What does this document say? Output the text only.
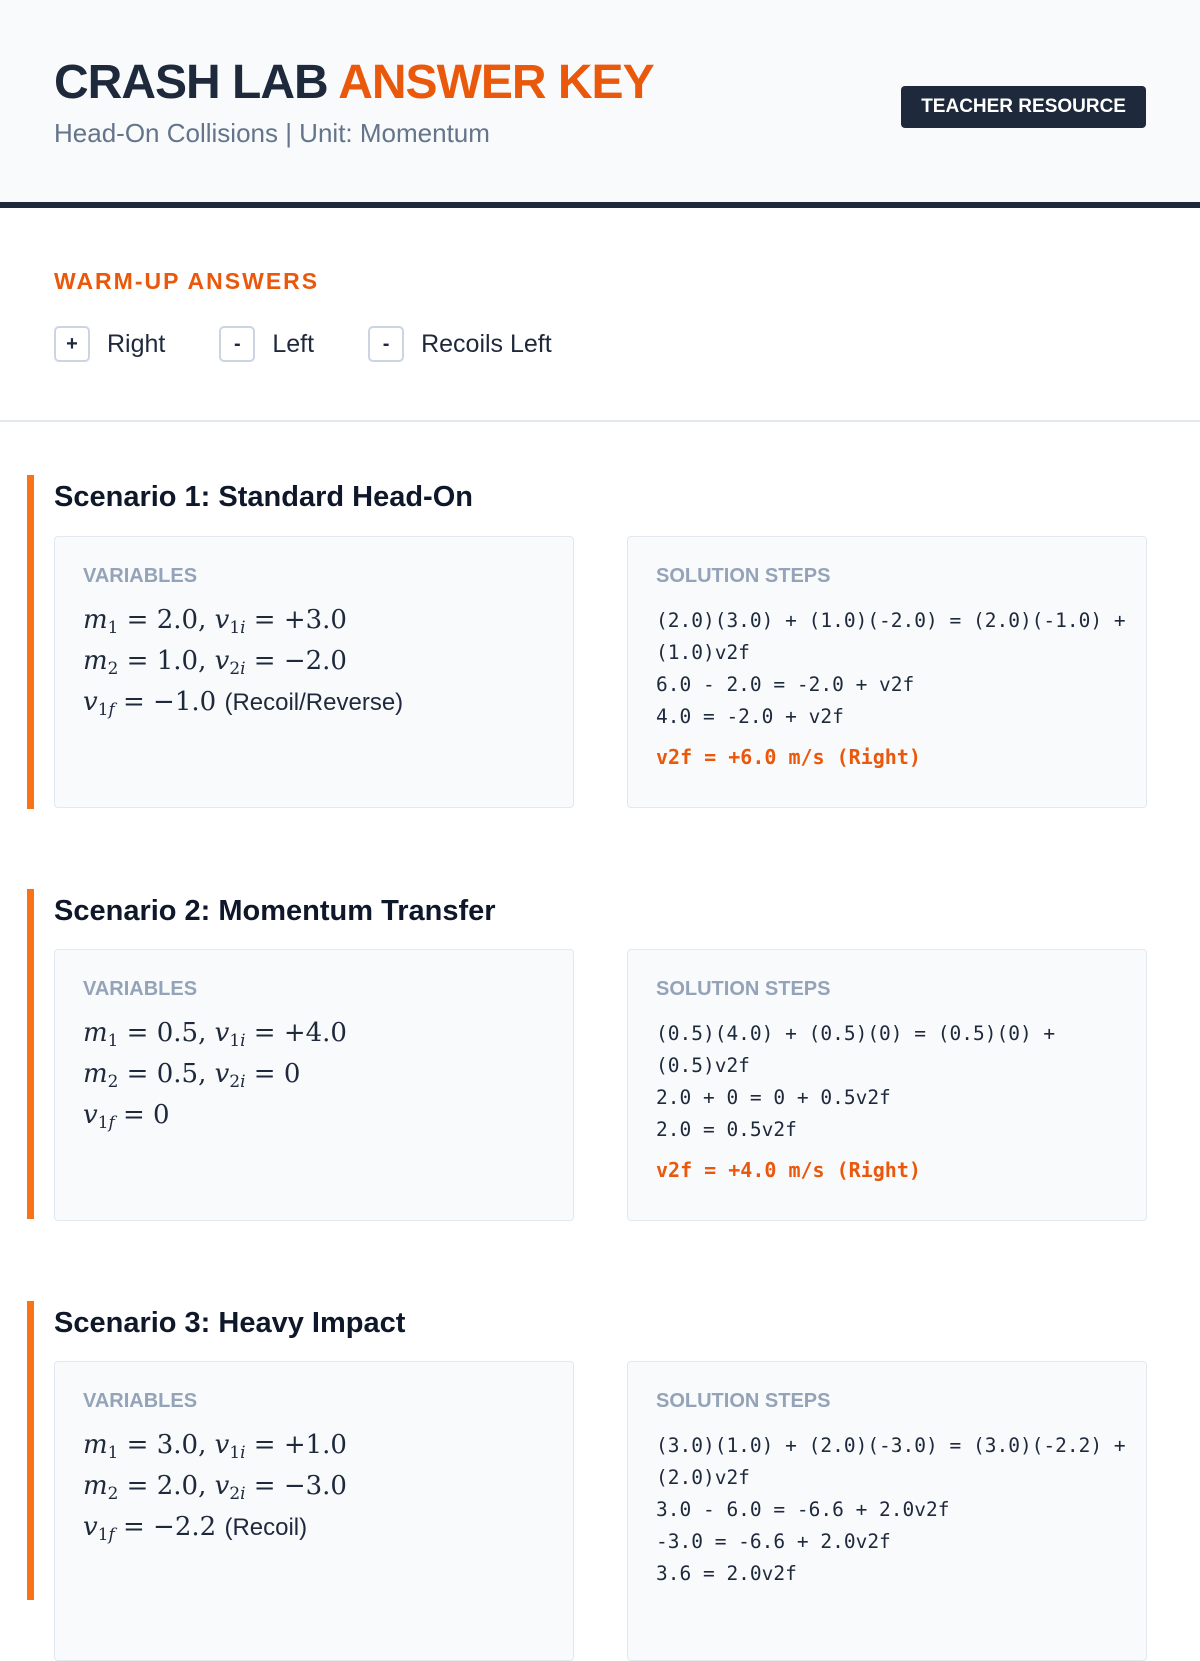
CRASH LAB ANSWER KEY
Head-On Collisions | Unit: Momentum
TEACHER RESOURCE
WARM-UP ANSWERS
+	Right	-	Left	-	Recoils Left
Scenario 1: Standard Head-On
VARIABLES
$m_1 = 2.0$, $v_{1i} = +3.0$
$m_2 = 1.0$, $v_{2i} = -2.0$
$v_{1f} = -1.0$ (Recoil/Reverse)
SOLUTION STEPS
(2.0)(3.0) + (1.0)(-2.0) = (2.0)(-1.0) + (1.0)v2f
6.0 - 2.0 = -2.0 + v2f
4.0 = -2.0 + v2f
v2f = +6.0 m/s (Right)
Scenario 2: Momentum Transfer
VARIABLES
$m_1 = 0.5$, $v_{1i} = +4.0$
$m_2 = 0.5$, $v_{2i} = 0$
$v_{1f} = 0$
SOLUTION STEPS
(0.5)(4.0) + (0.5)(0) = (0.5)(0) + (0.5)v2f
2.0 + 0 = 0 + 0.5v2f
2.0 = 0.5v2f
v2f = +4.0 m/s (Right)
Scenario 3: Heavy Impact
VARIABLES
$m_1 = 3.0$, $v_{1i} = +1.0$
$m_2 = 2.0$, $v_{2i} = -3.0$
$v_{1f} = -2.2$ (Recoil)
SOLUTION STEPS
(3.0)(1.0) + (2.0)(-3.0) = (3.0)(-2.2) + (2.0)v2f
3.0 - 6.0 = -6.6 + 2.0v2f
-3.0 = -6.6 + 2.0v2f
3.6 = 2.0v2f
